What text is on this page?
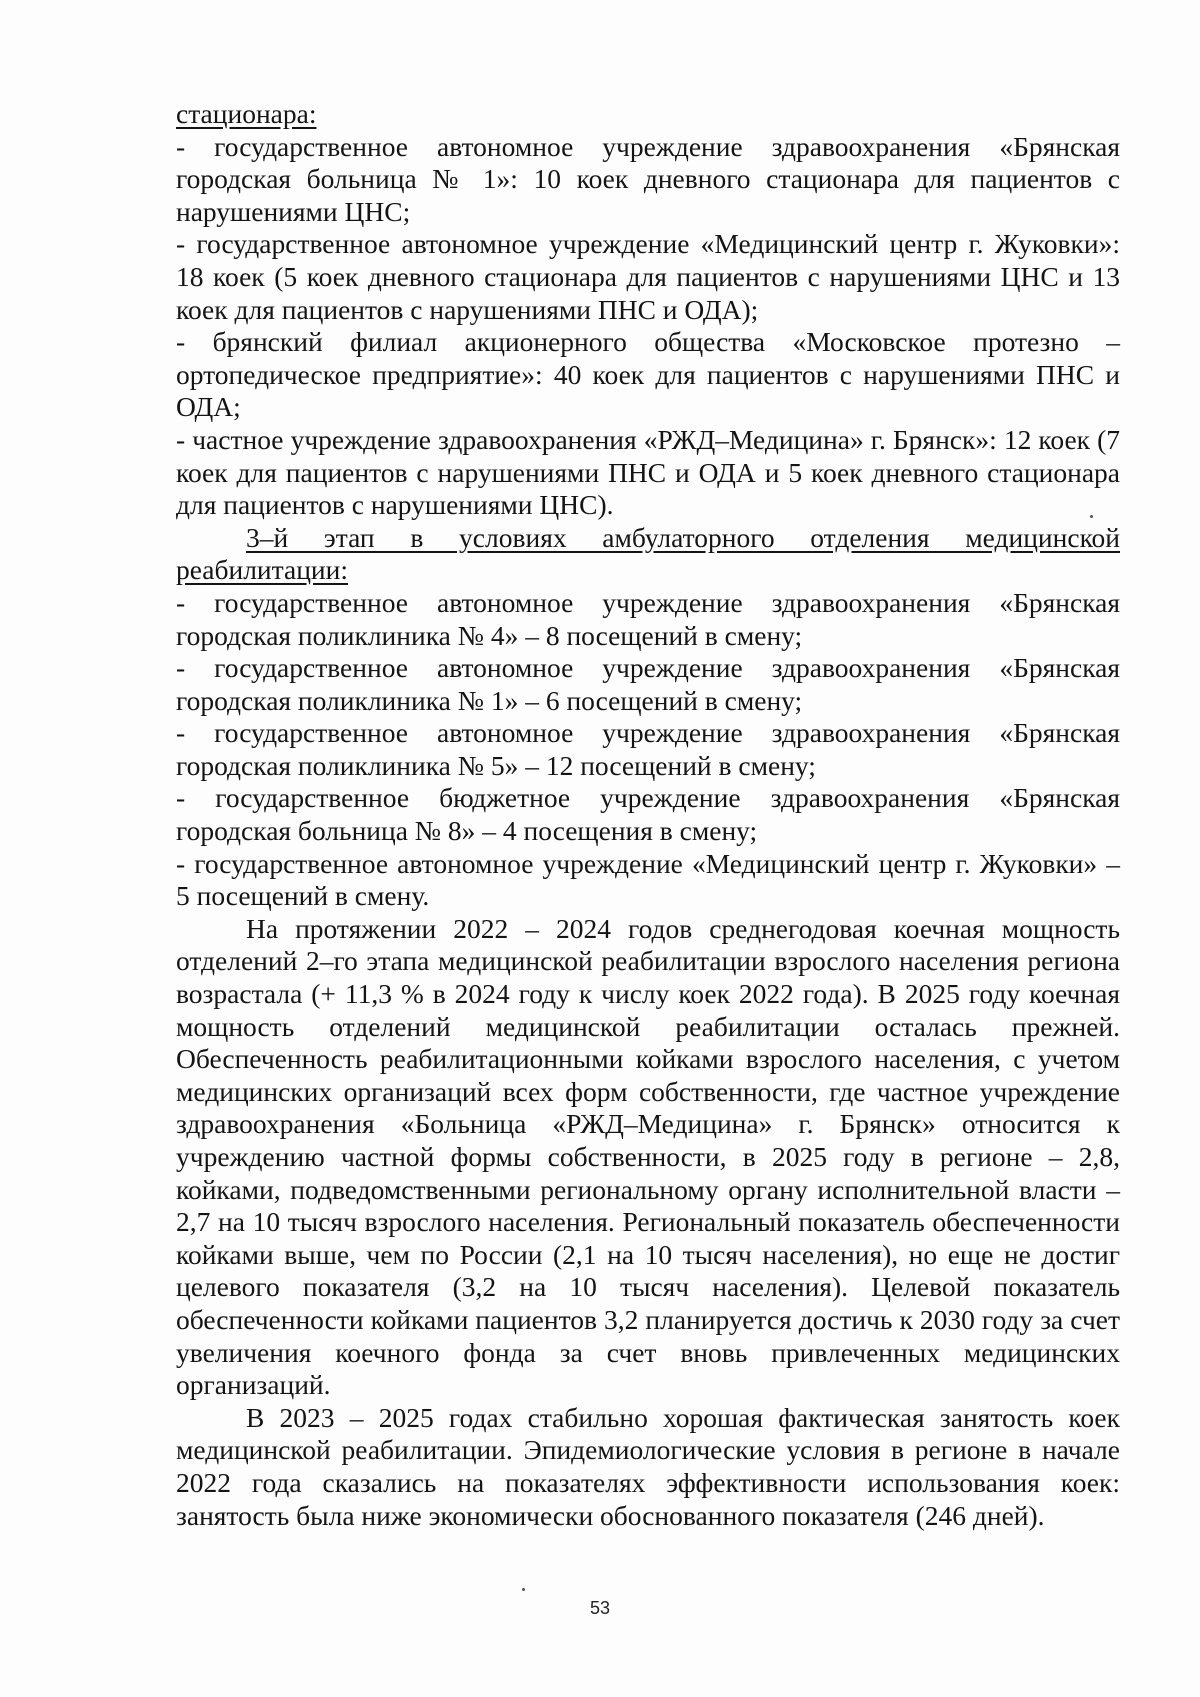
стационара:

- государственное автономное учреждение здравоохранения «Брянская городская больница № 1»: 10 коек дневного стационара для пациентов с нарушениями ЦНС;

- государственное автономное учреждение «Медицинский центр г. Жуковки»: 18 коек (5 коек дневного стационара для пациентов с нарушениями ЦНС и 13 коек для пациентов с нарушениями ПНС и ОДА);

- брянский филиал акционерного общества «Московское протезно – ортопедическое предприятие»: 40 коек для пациентов с нарушениями ПНС и ОДА;

- частное учреждение здравоохранения «РЖД–Медицина» г. Брянск»: 12 коек (7 коек для пациентов с нарушениями ПНС и ОДА и 5 коек дневного стационара для пациентов с нарушениями ЦНС).

3–й этап в условиях амбулаторного отделения медицинской реабилитации:

- государственное автономное учреждение здравоохранения «Брянская городская поликлиника № 4» – 8 посещений в смену;

- государственное автономное учреждение здравоохранения «Брянская городская поликлиника № 1» – 6 посещений в смену;

- государственное автономное учреждение здравоохранения «Брянская городская поликлиника № 5» – 12 посещений в смену;

- государственное бюджетное учреждение здравоохранения «Брянская городская больница № 8» – 4 посещения в смену;

- государственное автономное учреждение «Медицинский центр г. Жуковки» – 5 посещений в смену.

На протяжении 2022 – 2024 годов среднегодовая коечная мощность отделений 2–го этапа медицинской реабилитации взрослого населения региона возрастала (+ 11,3 % в 2024 году к числу коек 2022 года). В 2025 году коечная мощность отделений медицинской реабилитации осталась прежней. Обеспеченность реабилитационными койками взрослого населения, с учетом медицинских организаций всех форм собственности, где частное учреждение здравоохранения «Больница «РЖД–Медицина» г. Брянск» относится к учреждению частной формы собственности, в 2025 году в регионе – 2,8, койками, подведомственными региональному органу исполнительной власти – 2,7 на 10 тысяч взрослого населения. Региональный показатель обеспеченности койками выше, чем по России (2,1 на 10 тысяч населения), но еще не достиг целевого показателя (3,2 на 10 тысяч населения). Целевой показатель обеспеченности койками пациентов 3,2 планируется достичь к 2030 году за счет увеличения коечного фонда за счет вновь привлеченных медицинских организаций.

В 2023 – 2025 годах стабильно хорошая фактическая занятость коек медицинской реабилитации. Эпидемиологические условия в регионе в начале 2022 года сказались на показателях эффективности использования коек: занятость была ниже экономически обоснованного показателя (246 дней).

53
